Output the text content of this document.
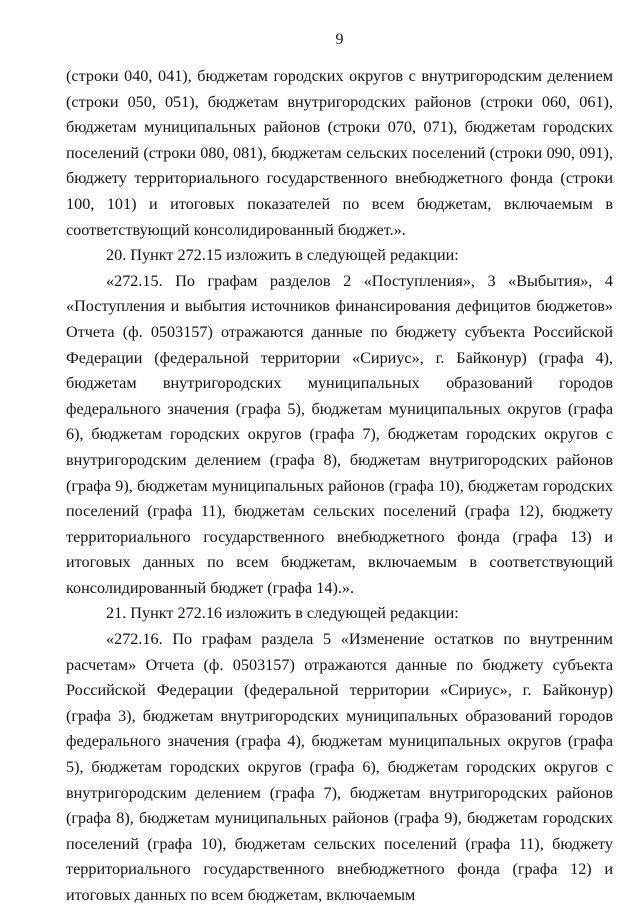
9

(строки 040, 041), бюджетам городских округов с внутригородским делением (строки 050, 051), бюджетам внутригородских районов (строки 060, 061), бюджетам муниципальных районов (строки 070, 071), бюджетам городских поселений (строки 080, 081), бюджетам сельских поселений (строки 090, 091), бюджету территориального государственного внебюджетного фонда (строки 100, 101) и итоговых показателей по всем бюджетам, включаемым в соответствующий консолидированный бюджет.».

20. Пункт 272.15 изложить в следующей редакции:

«272.15. По графам разделов 2 «Поступления», 3 «Выбытия», 4 «Поступления и выбытия источников финансирования дефицитов бюджетов» Отчета (ф. 0503157) отражаются данные по бюджету субъекта Российской Федерации (федеральной территории «Сириус», г. Байконур) (графа 4), бюджетам внутригородских муниципальных образований городов федерального значения (графа 5), бюджетам муниципальных округов (графа 6), бюджетам городских округов (графа 7), бюджетам городских округов с внутригородским делением (графа 8), бюджетам внутригородских районов (графа 9), бюджетам муниципальных районов (графа 10), бюджетам городских поселений (графа 11), бюджетам сельских поселений (графа 12), бюджету территориального государственного внебюджетного фонда (графа 13) и итоговых данных по всем бюджетам, включаемым в соответствующий консолидированный бюджет (графа 14).».

21. Пункт 272.16 изложить в следующей редакции:

«272.16. По графам раздела 5 «Изменение остатков по внутренним расчетам» Отчета (ф. 0503157) отражаются данные по бюджету субъекта Российской Федерации (федеральной территории «Сириус», г. Байконур) (графа 3), бюджетам внутригородских муниципальных образований городов федерального значения (графа 4), бюджетам муниципальных округов (графа 5), бюджетам городских округов (графа 6), бюджетам городских округов с внутригородским делением (графа 7), бюджетам внутригородских районов (графа 8), бюджетам муниципальных районов (графа 9), бюджетам городских поселений (графа 10), бюджетам сельских поселений (графа 11), бюджету территориального государственного внебюджетного фонда (графа 12) и итоговых данных по всем бюджетам, включаемым
